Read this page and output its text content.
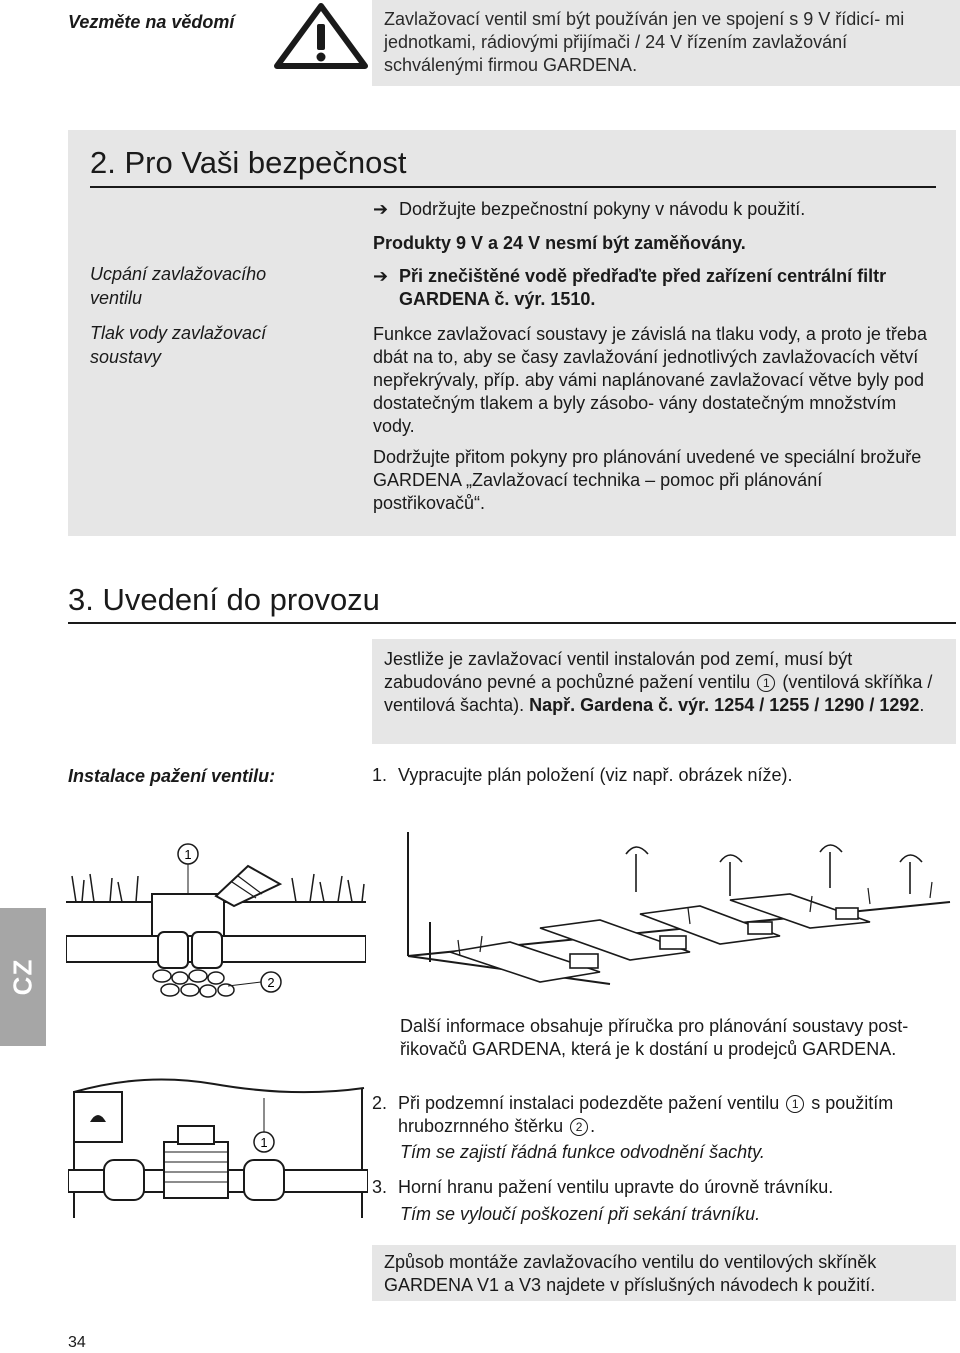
Vezměte na vědomí	Zavlažovací ventil smí být používán jen ve spojení s 9 V řídicí- mi jednotkami, rádiovými přijímači / 24 V řízením zavlažování schválenými firmou GARDENA.

2. Pro Vaši bezpečnost
Ucpání zavlažovacího ventilu
Tlak vody zavlažovací soustavy
➔ Dodržujte bezpečnostní pokyny v návodu k použití.
Produkty 9 V a 24 V nesmí být zaměňovány.
➔ Při znečištěné vodě předřaďte před zařízení centrální filtr GARDENA č. výr. 1510.

Funkce zavlažovací soustavy je závislá na tlaku vody, a proto je třeba dbát na to, aby se časy zavlažování jednotlivých zavlažovacích větví nepřekrývaly, příp. aby vámi naplánované zavlažovací větve byly pod dostatečným tlakem a byly zásobo- vány dostatečným množstvím vody.

Dodržujte přitom pokyny pro plánování uvedené ve speciální brožuře GARDENA „Zavlažovací technika – pomoc při plánování postřikovačů“.

3. Uvedení do provozu

Jestliže je zavlažovací ventil instalován pod zemí, musí být zabudováno pevné a pochůzné pažení ventilu 1 (ventilová skříňka / ventilová šachta). Např. Gardena č. výr. 1254 / 1255 / 1290 / 1292.

Instalace pažení ventilu:	1. Vypracujte plán položení (viz např. obrázek níže).
1
2
1
CZ

Další informace obsahuje příručka pro plánování soustavy post-řikovačů GARDENA, která je k dostání u prodejců GARDENA.

2. Při podzemní instalaci podezděte pažení ventilu 1 s použitím hrubozrnného štěrku 2 .

Tím se zajistí řádná funkce odvodnění šachty.

3. Horní hranu pažení ventilu upravte do úrovně trávníku.

Tím se vyloučí poškození při sekání trávníku.

Způsob montáže zavlažovacího ventilu do ventilových skříněk GARDENA V1 a V3 najdete v příslušných návodech k použití.

34
